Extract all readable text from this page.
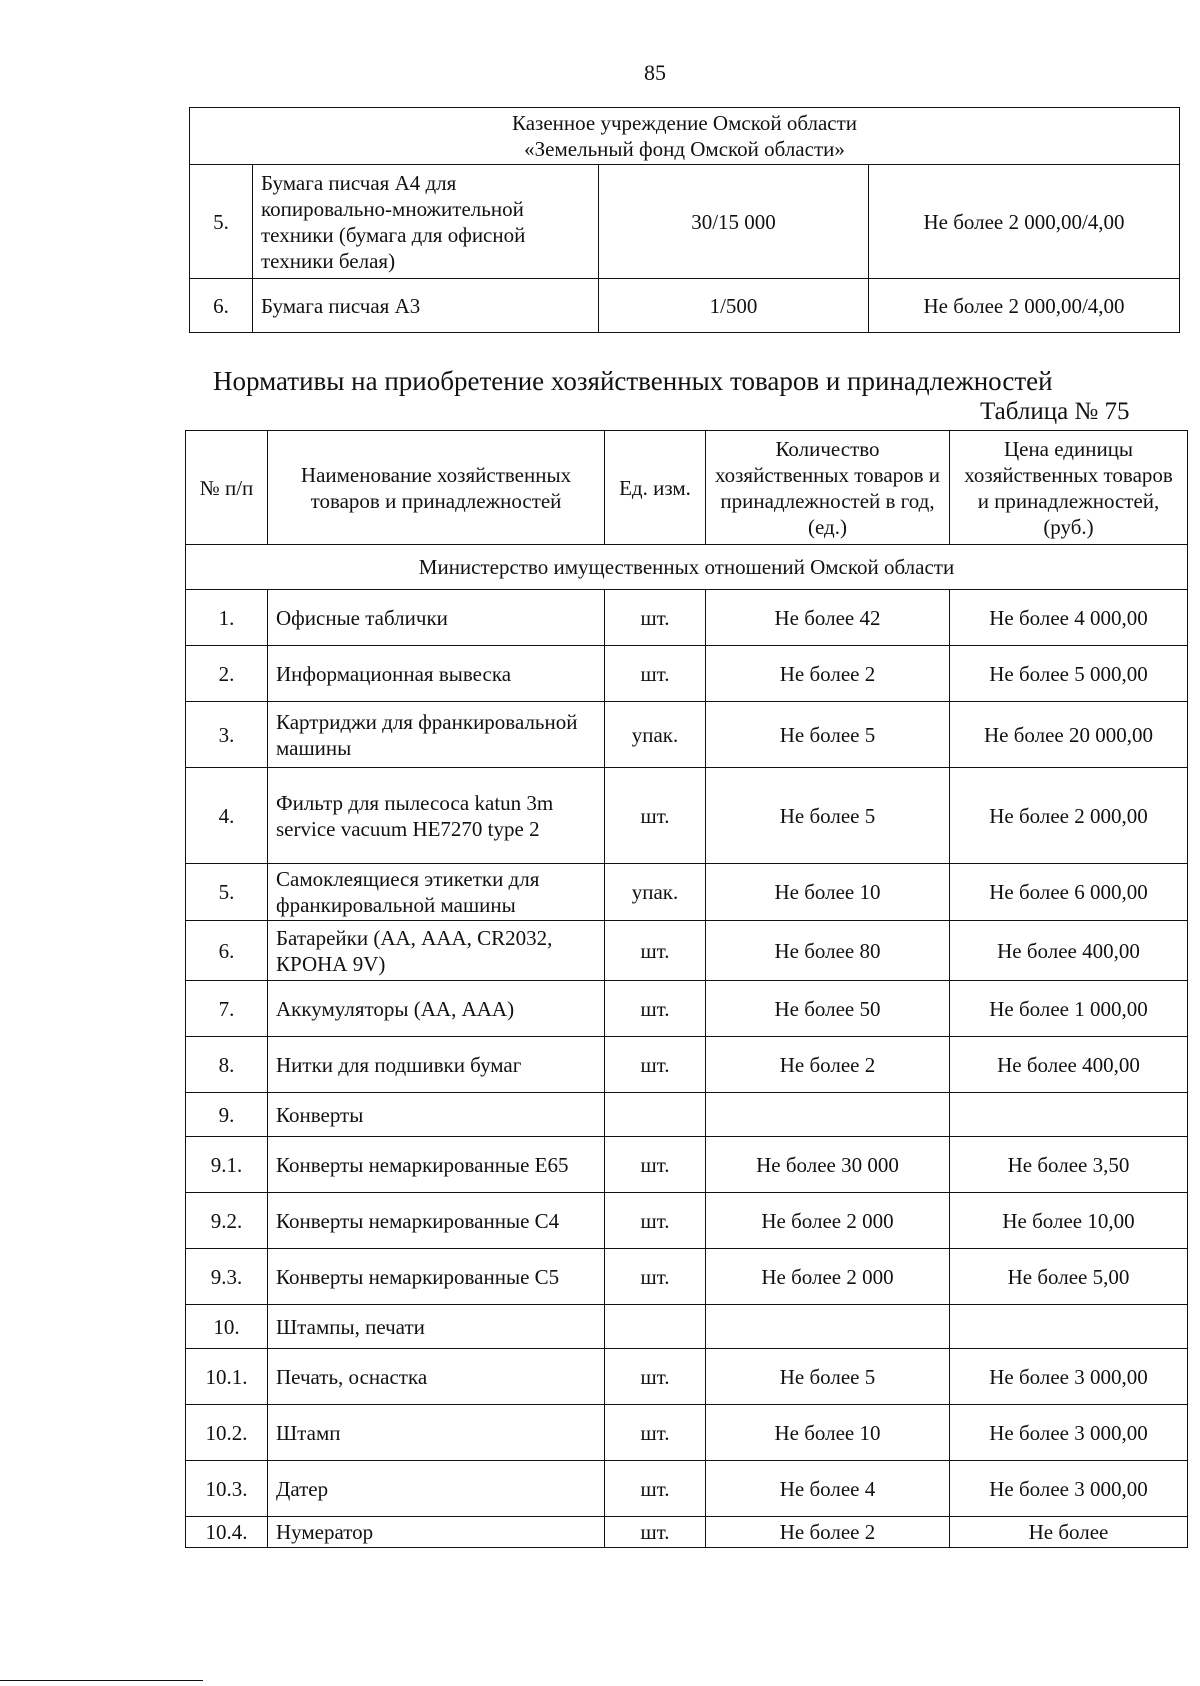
85
Казенное учреждение Омской области
«Земельный фонд Омской области»			

5.	Бумага писчая А4 для копировально-множительной техники (бумага для офисной техники белая)	30/15 000	Не более 2 000,00/4,00
6.	Бумага писчая А3	1/500	Не более 2 000,00/4,00
Нормативы на приобретение хозяйственных товаров и принадлежностей
Таблица № 75
№ п/п	Наименование хозяйственных товаров и принадлежностей	Ед. изм.	Количество хозяйственных товаров и принадлежностей в год, (ед.)	Цена единицы хозяйственных товаров и принадлежностей, (руб.)
Министерство имущественных отношений Омской области				
1.	Офисные таблички	шт.	Не более 42	Не более 4 000,00
2.	Информационная вывеска	шт.	Не более 2	Не более 5 000,00
3.	Картриджи для франкировальной машины	упак.	Не более 5	Не более 20 000,00
4.	Фильтр для пылесоса katun 3m service vacuum HE7270 type 2	шт.	Не более 5	Не более 2 000,00
5.	Самоклеящиеся этикетки для франкировальной машины	упак.	Не более 10	Не более 6 000,00
6.	Батарейки (АА, ААА, CR2032, КРОНА 9V)	шт.	Не более 80	Не более 400,00
7.	Аккумуляторы (АА, ААА)	шт.	Не более 50	Не более 1 000,00
8.	Нитки для подшивки бумаг	шт.	Не более 2	Не более 400,00
9.	Конверты			
9.1.	Конверты немаркированные Е65	шт.	Не более 30 000	Не более 3,50
9.2.	Конверты немаркированные С4	шт.	Не более 2 000	Не более 10,00
9.3.	Конверты немаркированные С5	шт.	Не более 2 000	Не более 5,00
10.	Штампы, печати			
10.1.	Печать, оснастка	шт.	Не более 5	Не более 3 000,00
10.2.	Штамп	шт.	Не более 10	Не более 3 000,00
10.3.	Датер	шт.	Не более 4	Не более 3 000,00
10.4.	Нумератор	шт.	Не более 2	Не более
